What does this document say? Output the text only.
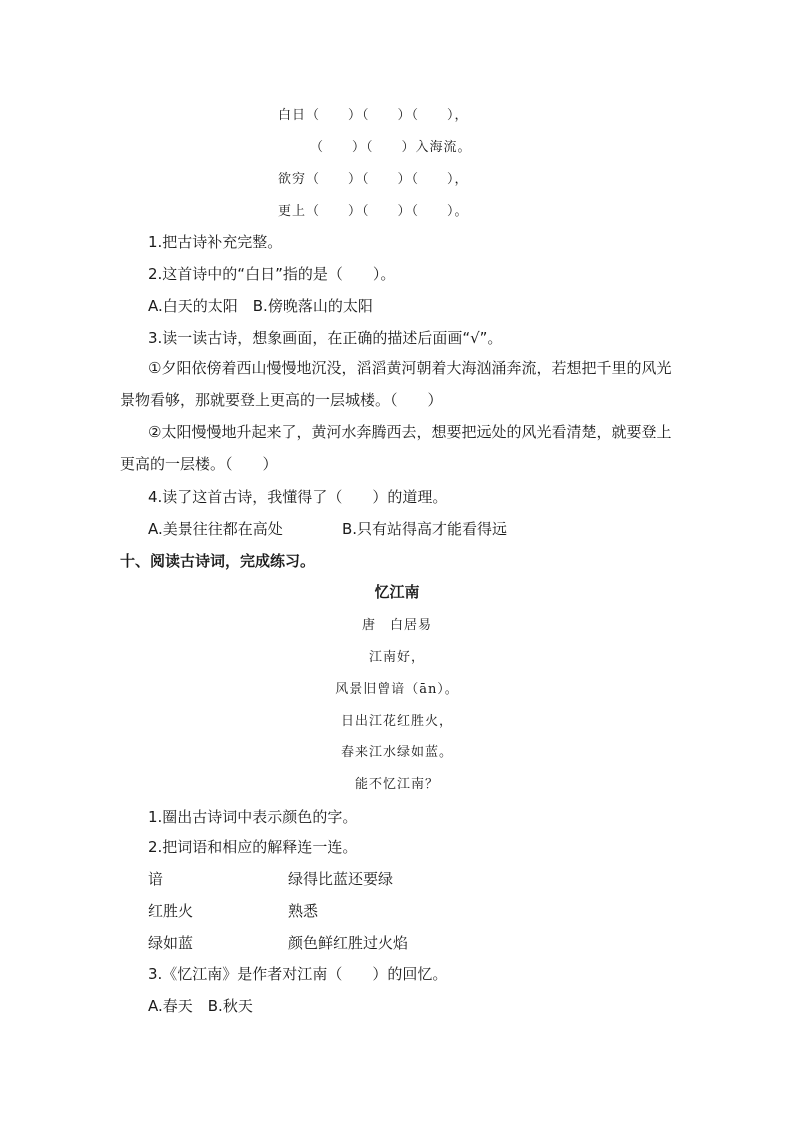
白日（　　）（　　）（　　），
（　　）（　　）入海流。
欲穷（　　）（　　）（　　），
更上（　　）（　　）（　　）。
1.把古诗补充完整。
2.这首诗中的“白日”指的是（　　）。
A.白天的太阳　B.傍晚落山的太阳
3.读一读古诗，想象画面，在正确的描述后面画“√”。
①夕阳依傍着西山慢慢地沉没，滔滔黄河朝着大海汹涌奔流，若想把千里的风光景物看够，那就要登上更高的一层城楼。（　　）
②太阳慢慢地升起来了，黄河水奔腾西去，想要把远处的风光看清楚，就要登上更高的一层楼。（　　）
4.读了这首古诗，我懂得了（　　）的道理。
A.美景往往都在高处	B.只有站得高才能看得远
十、阅读古诗词，完成练习。
忆江南
唐　白居易
江南好，
风景旧曾谙（ān）。
日出江花红胜火，
春来江水绿如蓝。
能不忆江南？
1.圈出古诗词中表示颜色的字。
2.把词语和相应的解释连一连。
谙	绿得比蓝还要绿
红胜火	熟悉
绿如蓝	颜色鲜红胜过火焰
3.《忆江南》是作者对江南（　　）的回忆。
A.春天　B.秋天
